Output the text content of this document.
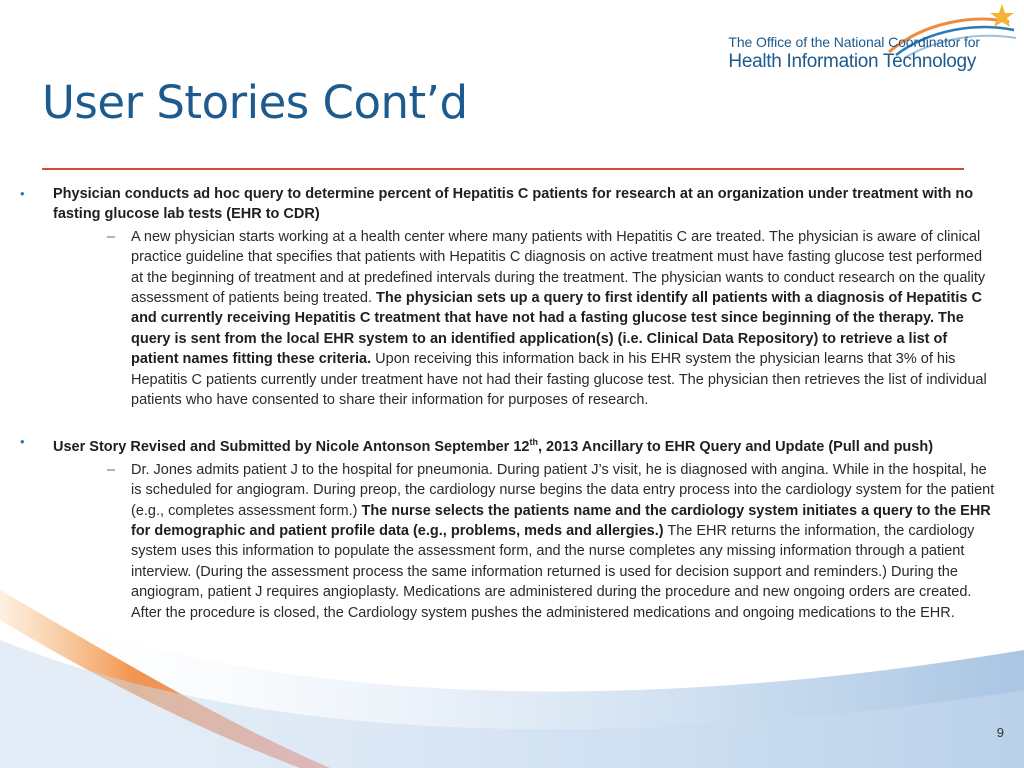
The Office of the National Coordinator for
Health Information Technology
User Stories Cont’d
• Physician conducts ad hoc query to determine percent of Hepatitis C patients for research at an organization under treatment with no fasting glucose lab tests (EHR to CDR)
– A new physician starts working at a health center where many patients with Hepatitis C are treated. The physician is aware of clinical practice guideline that specifies that patients with Hepatitis C diagnosis on active treatment must have fasting glucose test performed at the beginning of treatment and at predefined intervals during the treatment. The physician wants to conduct research on the quality assessment of patients being treated. The physician sets up a query to first identify all patients with a diagnosis of Hepatitis C and currently receiving Hepatitis C treatment that have not had a fasting glucose test since beginning of the therapy. The query is sent from the local EHR system to an identified application(s) (i.e. Clinical Data Repository) to retrieve a list of patient names fitting these criteria. Upon receiving this information back in his EHR system the physician learns that 3% of his Hepatitis C patients currently under treatment have not had their fasting glucose test. The physician then retrieves the list of individual patients who have consented to share their information for purposes of research.
• User Story Revised and Submitted by Nicole Antonson September 12th, 2013 Ancillary to EHR Query and Update (Pull and push)
– Dr. Jones admits patient J to the hospital for pneumonia. During patient J’s visit, he is diagnosed with angina. While in the hospital, he is scheduled for angiogram. During preop, the cardiology nurse begins the data entry process into the cardiology system for the patient (e.g., completes assessment form.) The nurse selects the patients name and the cardiology system initiates a query to the EHR for demographic and patient profile data (e.g., problems, meds and allergies.) The EHR returns the information, the cardiology system uses this information to populate the assessment form, and the nurse completes any missing information through a patient interview. (During the assessment process the same information returned is used for decision support and reminders.) During the angiogram, patient J requires angioplasty. Medications are administered during the procedure and new ongoing orders are created. After the procedure is closed, the Cardiology system pushes the administered medications and ongoing medications to the EHR.
9
